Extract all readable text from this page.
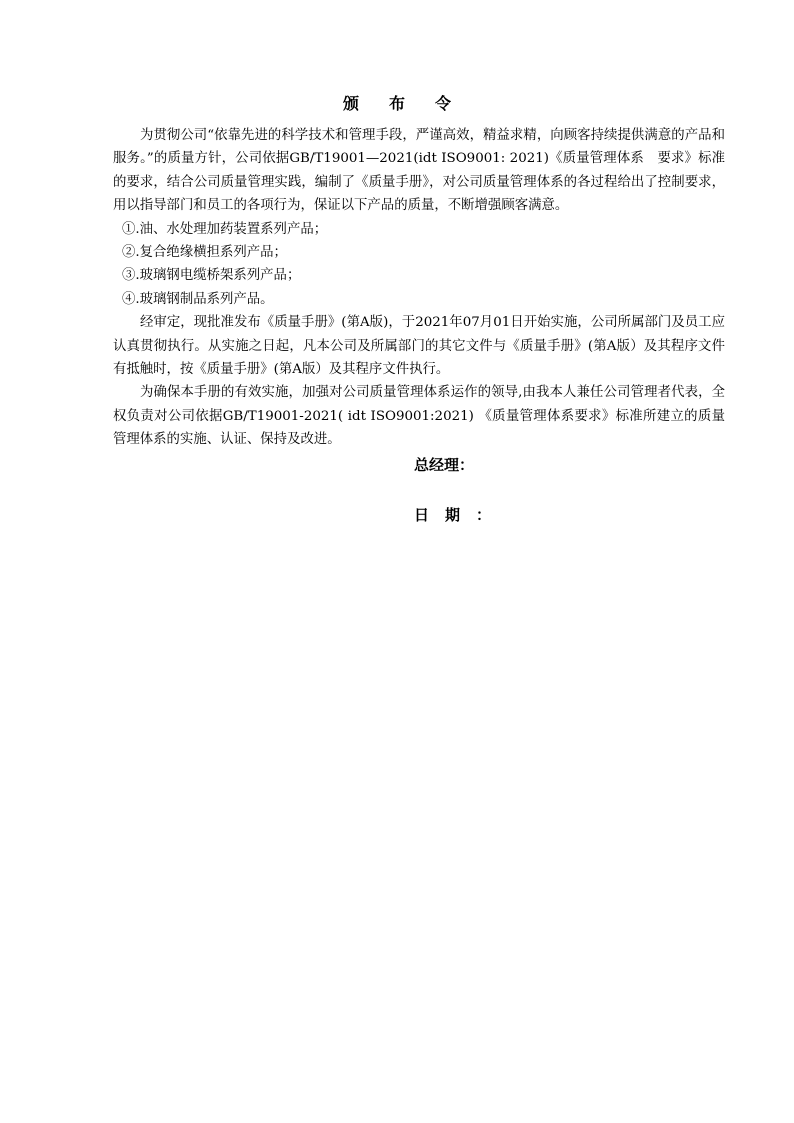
颁布令

为贯彻公司“依靠先进的科学技术和管理手段，严谨高效，精益求精，向顾客持续提供满意的产品和服务。”的质量方针，公司依据GB/T19001—2021(idt ISO9001: 2021)《质量管理体系　要求》标准的要求，结合公司质量管理实践，编制了《质量手册》，对公司质量管理体系的各过程给出了控制要求，用以指导部门和员工的各项行为，保证以下产品的质量，不断增强顾客满意。

①.油、水处理加药装置系列产品；

②.复合绝缘横担系列产品；

③.玻璃钢电缆桥架系列产品；

④.玻璃钢制品系列产品。

经审定，现批准发布《质量手册》(第A版)，于2021年07月01日开始实施，公司所属部门及员工应认真贯彻执行。从实施之日起，凡本公司及所属部门的其它文件与《质量手册》(第A版）及其程序文件有抵触时，按《质量手册》(第A版）及其程序文件执行。

为确保本手册的有效实施，加强对公司质量管理体系运作的领导,由我本人兼任公司管理者代表，全权负责对公司依据GB/T19001-2021( idt ISO9001:2021) 《质量管理体系要求》标准所建立的质量管理体系的实施、认证、保持及改进。

总经理：
日期：
